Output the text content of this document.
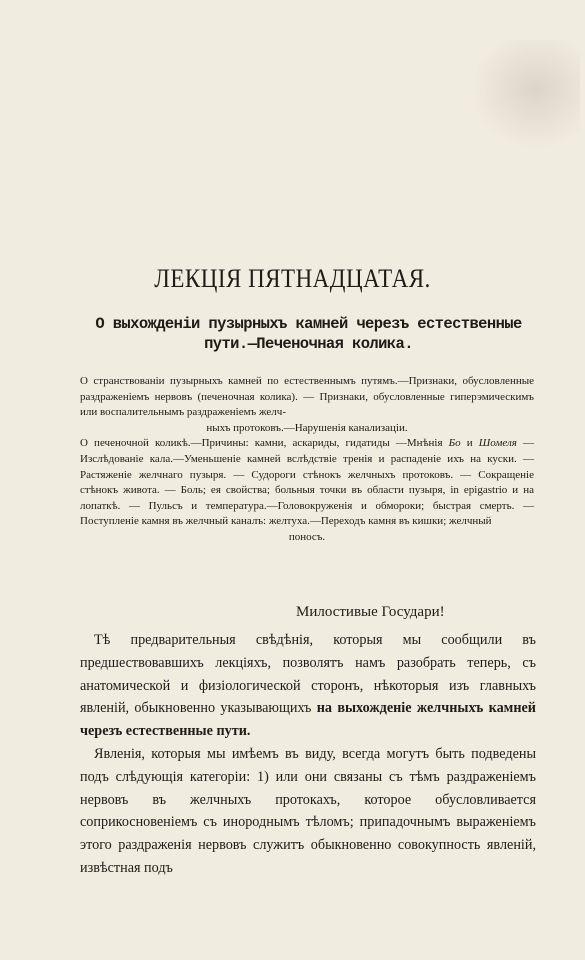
ЛЕКЦІЯ ПЯТНАДЦАТАЯ.
О выхожденіи пузырныхъ камней черезъ естественные
пути.—Печеночная колика.

О странствованіи пузырныхъ камней по естественнымъ путямъ.—Признаки, обусловленные раздраженіемъ нервовъ (печеночная колика). — Признаки, обусловленные гиперэмическимъ или воспалительнымъ раздраженіемъ желч-
ныхъ протоковъ.—Нарушенія канализаціи.

О печеночной коликѣ.—Причины: камни, аскариды, гидатиды —Мнѣнія Бо и Шомеля —Изслѣдованіе кала.—Уменьшеніе камней вслѣдствіе тренія и распаденіе ихъ на куски. — Растяженіе желчнаго пузыря. — Судороги стѣнокъ желчныхъ протоковъ. — Сокращеніе стѣнокъ живота. — Боль; ея свойства; больныя точки въ области пузыря, in epigastrio и на лопаткѣ. — Пульсъ и температура.—Головокруженія и обмороки; быстрая смерть. — Поступленіе камня въ желчный каналъ: желтуха.—Переходъ камня въ кишки; желчный
поносъ.

Милостивые Государи!

Тѣ предварительныя свѣдѣнія, которыя мы сообщили въ предшествовавшихъ лекціяхъ, позволятъ намъ разобрать теперь, съ анатомической и физіологической сторонъ, нѣкоторыя изъ главныхъ явленій, обыкновенно указывающихъ на выхожденіе желчныхъ камней черезъ естественные пути.

Явленія, которыя мы имѣемъ въ виду, всегда могутъ быть подведены подъ слѣдующія категоріи: 1) или они связаны съ тѣмъ раздраженіемъ нервовъ въ желчныхъ протокахъ, которое обусловливается соприкосновеніемъ съ инороднымъ тѣломъ; припадочнымъ выраженіемъ этого раздраженія нервовъ служитъ обыкновенно совокупность явленій, извѣстная подъ
